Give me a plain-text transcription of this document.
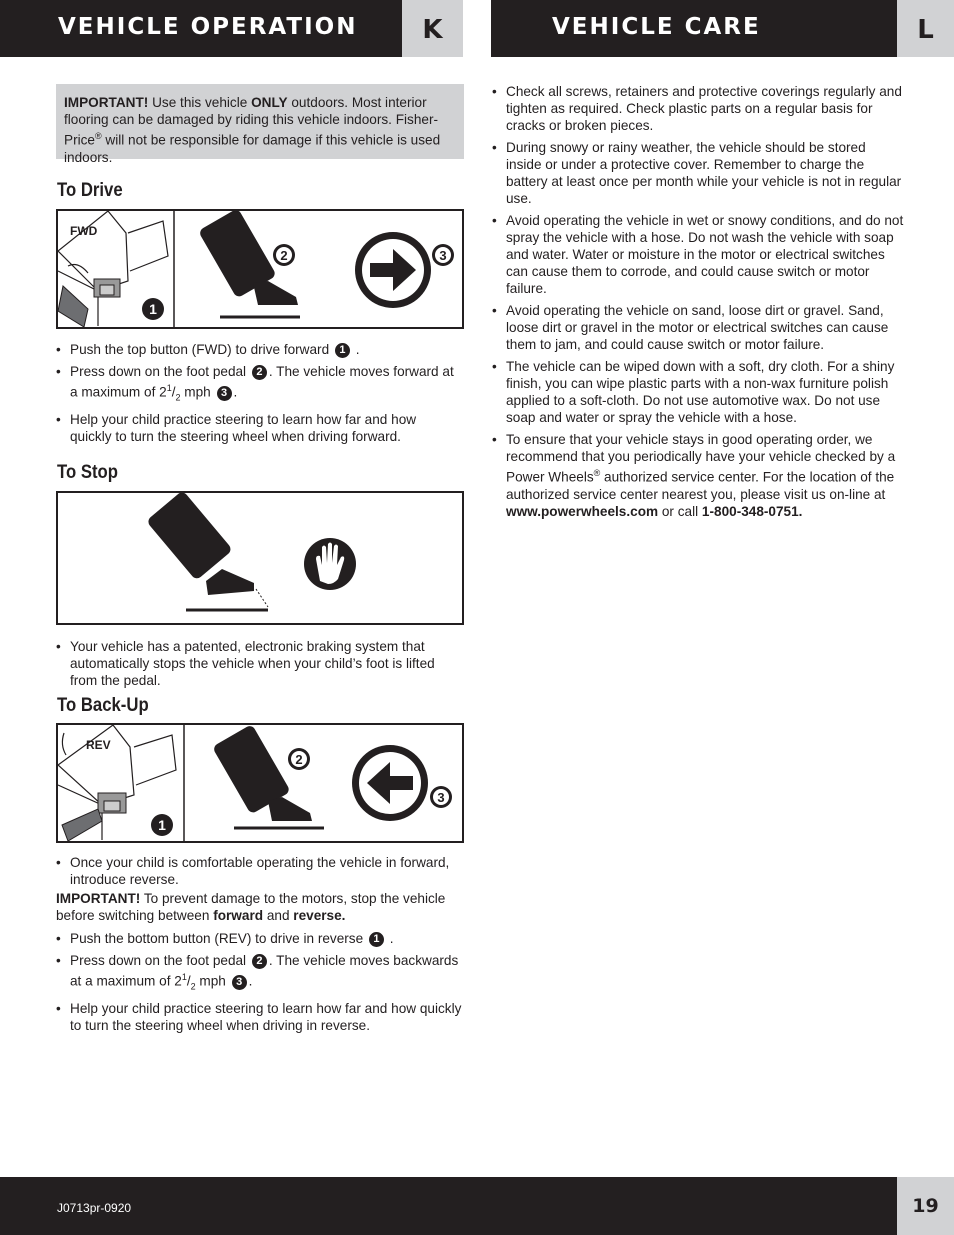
VEHICLE OPERATION	K	VEHICLE CARE	L
IMPORTANT! Use this vehicle ONLY outdoors. Most interior flooring can be damaged by riding this vehicle indoors. Fisher-Price® will not be responsible for damage if this vehicle is used indoors.
To Drive
FWD
1
2	3
• Push the top button (FWD) to drive forward 1 .
• Press down on the foot pedal 2 . The vehicle moves forward at a maximum of $2^1/_2$ mph 3 .
• Help your child practice steering to learn how far and how quickly to turn the steering wheel when driving forward.
To Stop
• Your vehicle has a patented, electronic braking system that automatically stops the vehicle when your child’s foot is lifted from the pedal.
To Back-Up
REV
1
2
3
• Once your child is comfortable operating the vehicle in forward, introduce reverse.
IMPORTANT! To prevent damage to the motors, stop the vehicle before switching between forward and reverse.
• Push the bottom button (REV) to drive in reverse 1 .
• Press down on the foot pedal 2 . The vehicle moves backwards at a maximum of $2^1/_2$ mph 3 .
• Help your child practice steering to learn how far and how quickly to turn the steering wheel when driving in reverse.
• Check all screws, retainers and protective coverings regularly and tighten as required. Check plastic parts on a regular basis for cracks or broken pieces.
• During snowy or rainy weather, the vehicle should be stored inside or under a protective cover. Remember to charge the battery at least once per month while your vehicle is not in regular use.
• Avoid operating the vehicle in wet or snowy conditions, and do not spray the vehicle with a hose. Do not wash the vehicle with soap and water. Water or moisture in the motor or electrical switches can cause them to corrode, and could cause switch or motor failure.
• Avoid operating the vehicle on sand, loose dirt or gravel. Sand, loose dirt or gravel in the motor or electrical switches can cause them to jam, and could cause switch or motor failure.
• The vehicle can be wiped down with a soft, dry cloth. For a shiny finish, you can wipe plastic parts with a non-wax furniture polish applied to a soft-cloth. Do not use automotive wax. Do not use soap and water or spray the vehicle with a hose.
• To ensure that your vehicle stays in good operating order, we recommend that you periodically have your vehicle checked by a Power Wheels® authorized service center. For the location of the authorized service center nearest you, please visit us on-line at www.powerwheels.com or call 1-800-348-0751.
J0713pr-0920	19
